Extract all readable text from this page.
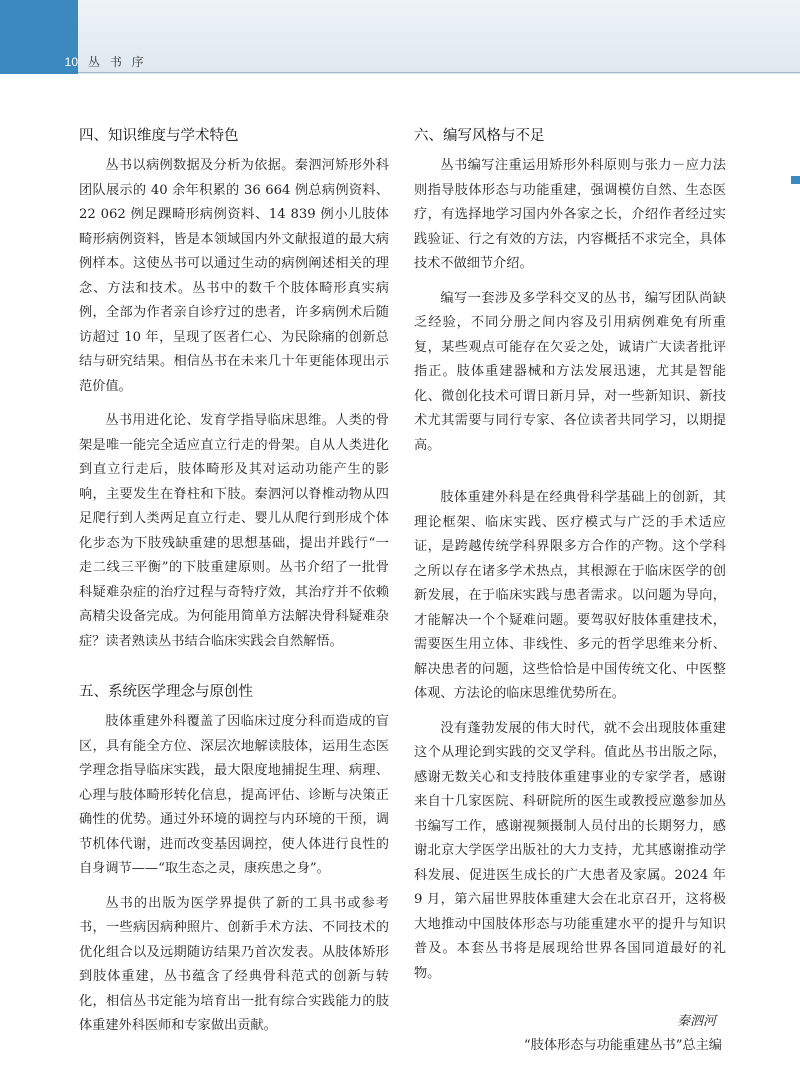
10 丛 书 序
四、知识维度与学术特色

丛书以病例数据及分析为依据。秦泗河矫形外科团队展示的 40 余年积累的 36 664 例总病例资料、22 062 例足踝畸形病例资料、14 839 例小儿肢体畸形病例资料，皆是本领域国内外文献报道的最大病例样本。这使丛书可以通过生动的病例阐述相关的理念、方法和技术。丛书中的数千个肢体畸形真实病例，全部为作者亲自诊疗过的患者，许多病例术后随访超过 10 年，呈现了医者仁心、为民除痛的创新总结与研究结果。相信丛书在未来几十年更能体现出示范价值。

丛书用进化论、发育学指导临床思维。人类的骨架是唯一能完全适应直立行走的骨架。自从人类进化到直立行走后，肢体畸形及其对运动功能产生的影响，主要发生在脊柱和下肢。秦泗河以脊椎动物从四足爬行到人类两足直立行走、婴儿从爬行到形成个体化步态为下肢残缺重建的思想基础，提出并践行“一走二线三平衡”的下肢重建原则。丛书介绍了一批骨科疑难杂症的治疗过程与奇特疗效，其治疗并不依赖高精尖设备完成。为何能用简单方法解决骨科疑难杂症？读者熟读丛书结合临床实践会自然解悟。

五、系统医学理念与原创性

肢体重建外科覆盖了因临床过度分科而造成的盲区，具有能全方位、深层次地解读肢体，运用生态医学理念指导临床实践，最大限度地捕捉生理、病理、心理与肢体畸形转化信息，提高评估、诊断与决策正确性的优势。通过外环境的调控与内环境的干预，调节机体代谢，进而改变基因调控，使人体进行良性的自身调节——“取生态之灵，康疾患之身”。

丛书的出版为医学界提供了新的工具书或参考书，一些病因病种照片、创新手术方法、不同技术的优化组合以及远期随访结果乃首次发表。从肢体矫形到肢体重建，丛书蕴含了经典骨科范式的创新与转化，相信丛书定能为培育出一批有综合实践能力的肢体重建外科医师和专家做出贡献。

六、编写风格与不足

丛书编写注重运用矫形外科原则与张力－应力法则指导肢体形态与功能重建，强调模仿自然、生态医疗，有选择地学习国内外各家之长，介绍作者经过实践验证、行之有效的方法，内容概括不求完全，具体技术不做细节介绍。

编写一套涉及多学科交叉的丛书，编写团队尚缺乏经验，不同分册之间内容及引用病例难免有所重复，某些观点可能存在欠妥之处，诚请广大读者批评指正。肢体重建器械和方法发展迅速，尤其是智能化、微创化技术可谓日新月异，对一些新知识、新技术尤其需要与同行专家、各位读者共同学习，以期提高。

肢体重建外科是在经典骨科学基础上的创新，其理论框架、临床实践、医疗模式与广泛的手术适应证，是跨越传统学科界限多方合作的产物。这个学科之所以存在诸多学术热点，其根源在于临床医学的创新发展，在于临床实践与患者需求。以问题为导向，才能解决一个个疑难问题。要驾驭好肢体重建技术，需要医生用立体、非线性、多元的哲学思维来分析、解决患者的问题，这些恰恰是中国传统文化、中医整体观、方法论的临床思维优势所在。

没有蓬勃发展的伟大时代，就不会出现肢体重建这个从理论到实践的交叉学科。值此丛书出版之际，感谢无数关心和支持肢体重建事业的专家学者，感谢来自十几家医院、科研院所的医生或教授应邀参加丛书编写工作，感谢视频摄制人员付出的长期努力，感谢北京大学医学出版社的大力支持，尤其感谢推动学科发展、促进医生成长的广大患者及家属。2024 年 9 月，第六届世界肢体重建大会在北京召开，这将极大地推动中国肢体形态与功能重建水平的提升与知识普及。本套丛书将是展现给世界各国同道最好的礼物。

秦泗河
“肢体形态与功能重建丛书”总主编
